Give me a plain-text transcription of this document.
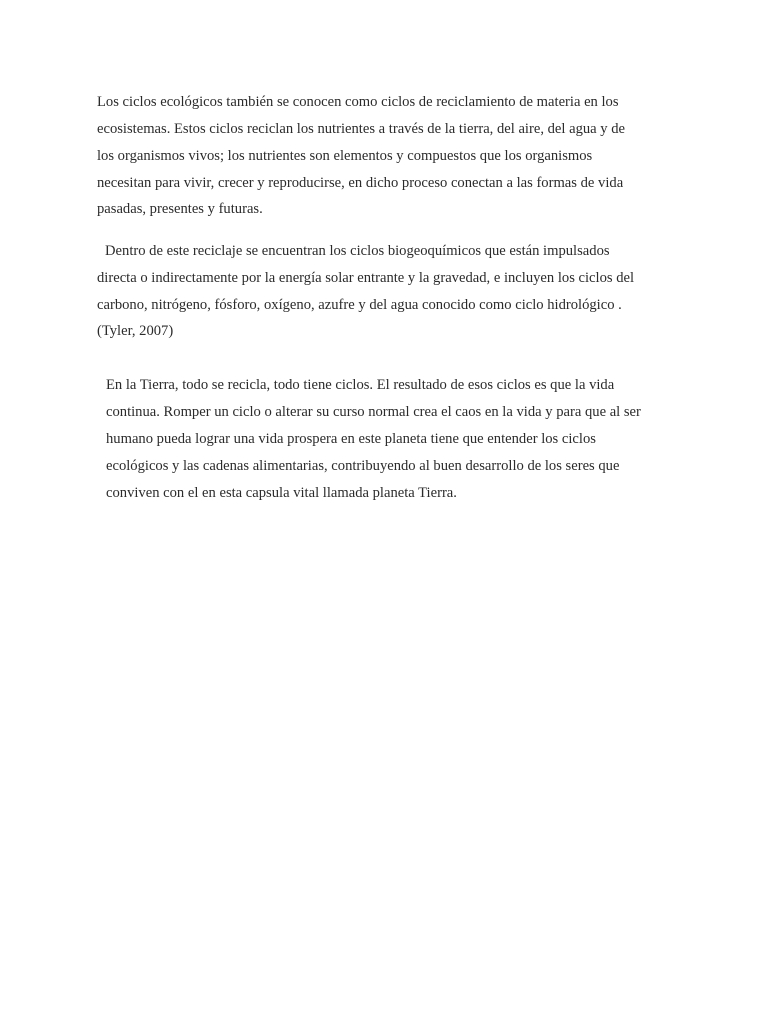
Los ciclos ecológicos también se conocen como ciclos de reciclamiento de materia en los

ecosistemas. Estos ciclos reciclan los nutrientes a través de la tierra, del aire, del agua y de

los organismos vivos; los nutrientes son elementos y compuestos que los organismos

necesitan para vivir, crecer y reproducirse, en dicho proceso conectan a las formas de vida

pasadas, presentes y futuras.

Dentro de este reciclaje se encuentran los ciclos biogeoquímicos que están impulsados

directa o indirectamente por la energía solar entrante y la gravedad, e incluyen los ciclos del

carbono, nitrógeno, fósforo, oxígeno, azufre y del agua conocido como ciclo hidrológico .

(Tyler, 2007)

En la Tierra, todo se recicla, todo tiene ciclos. El resultado de esos ciclos es que la vida

continua. Romper un ciclo o alterar su curso normal crea el caos en la vida y para que al ser

humano pueda lograr una vida prospera en este planeta tiene que entender los ciclos

ecológicos y las cadenas alimentarias, contribuyendo al buen desarrollo de los seres que

conviven con el en esta capsula vital llamada planeta Tierra.
